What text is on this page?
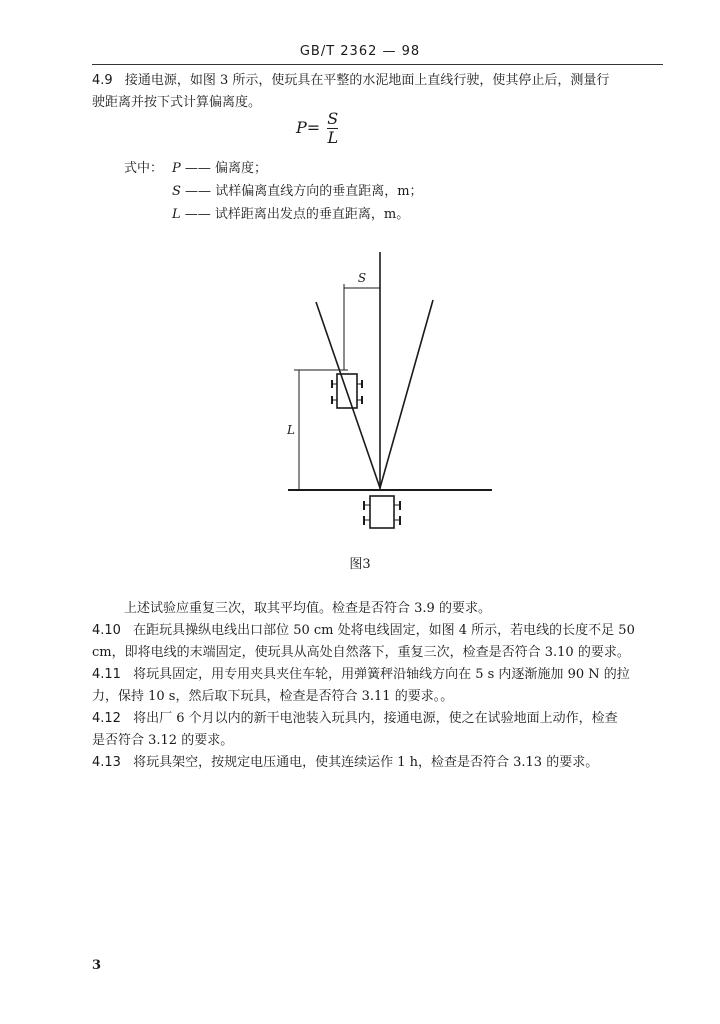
GB/T 2362 — 98
4.9 接通电源，如图 3 所示，使玩具在平整的水泥地面上直线行驶，使其停止后，测量行
驶距离并按下式计算偏离度。
$P= \frac{S}{L}$
式中： P —— 偏离度；
S —— 试样偏离直线方向的垂直距离，m；
L —— 试样距离出发点的垂直距离，m。
S
L
图3
上述试验应重复三次，取其平均值。检查是否符合 3.9 的要求。
4.10 在距玩具操纵电线出口部位 50 cm 处将电线固定，如图 4 所示，若电线的长度不足 50
cm，即将电线的末端固定，使玩具从高处自然落下，重复三次，检查是否符合 3.10 的要求。
4.11 将玩具固定，用专用夹具夹住车轮，用弹簧秤沿轴线方向在 5 s 内逐渐施加 90 N 的拉
力，保持 10 s，然后取下玩具，检查是否符合 3.11 的要求。。
4.12 将出厂 6 个月以内的新干电池装入玩具内，接通电源，使之在试验地面上动作，检查
是否符合 3.12 的要求。
4.13 将玩具架空，按规定电压通电，使其连续运作 1 h，检查是否符合 3.13 的要求。
3
